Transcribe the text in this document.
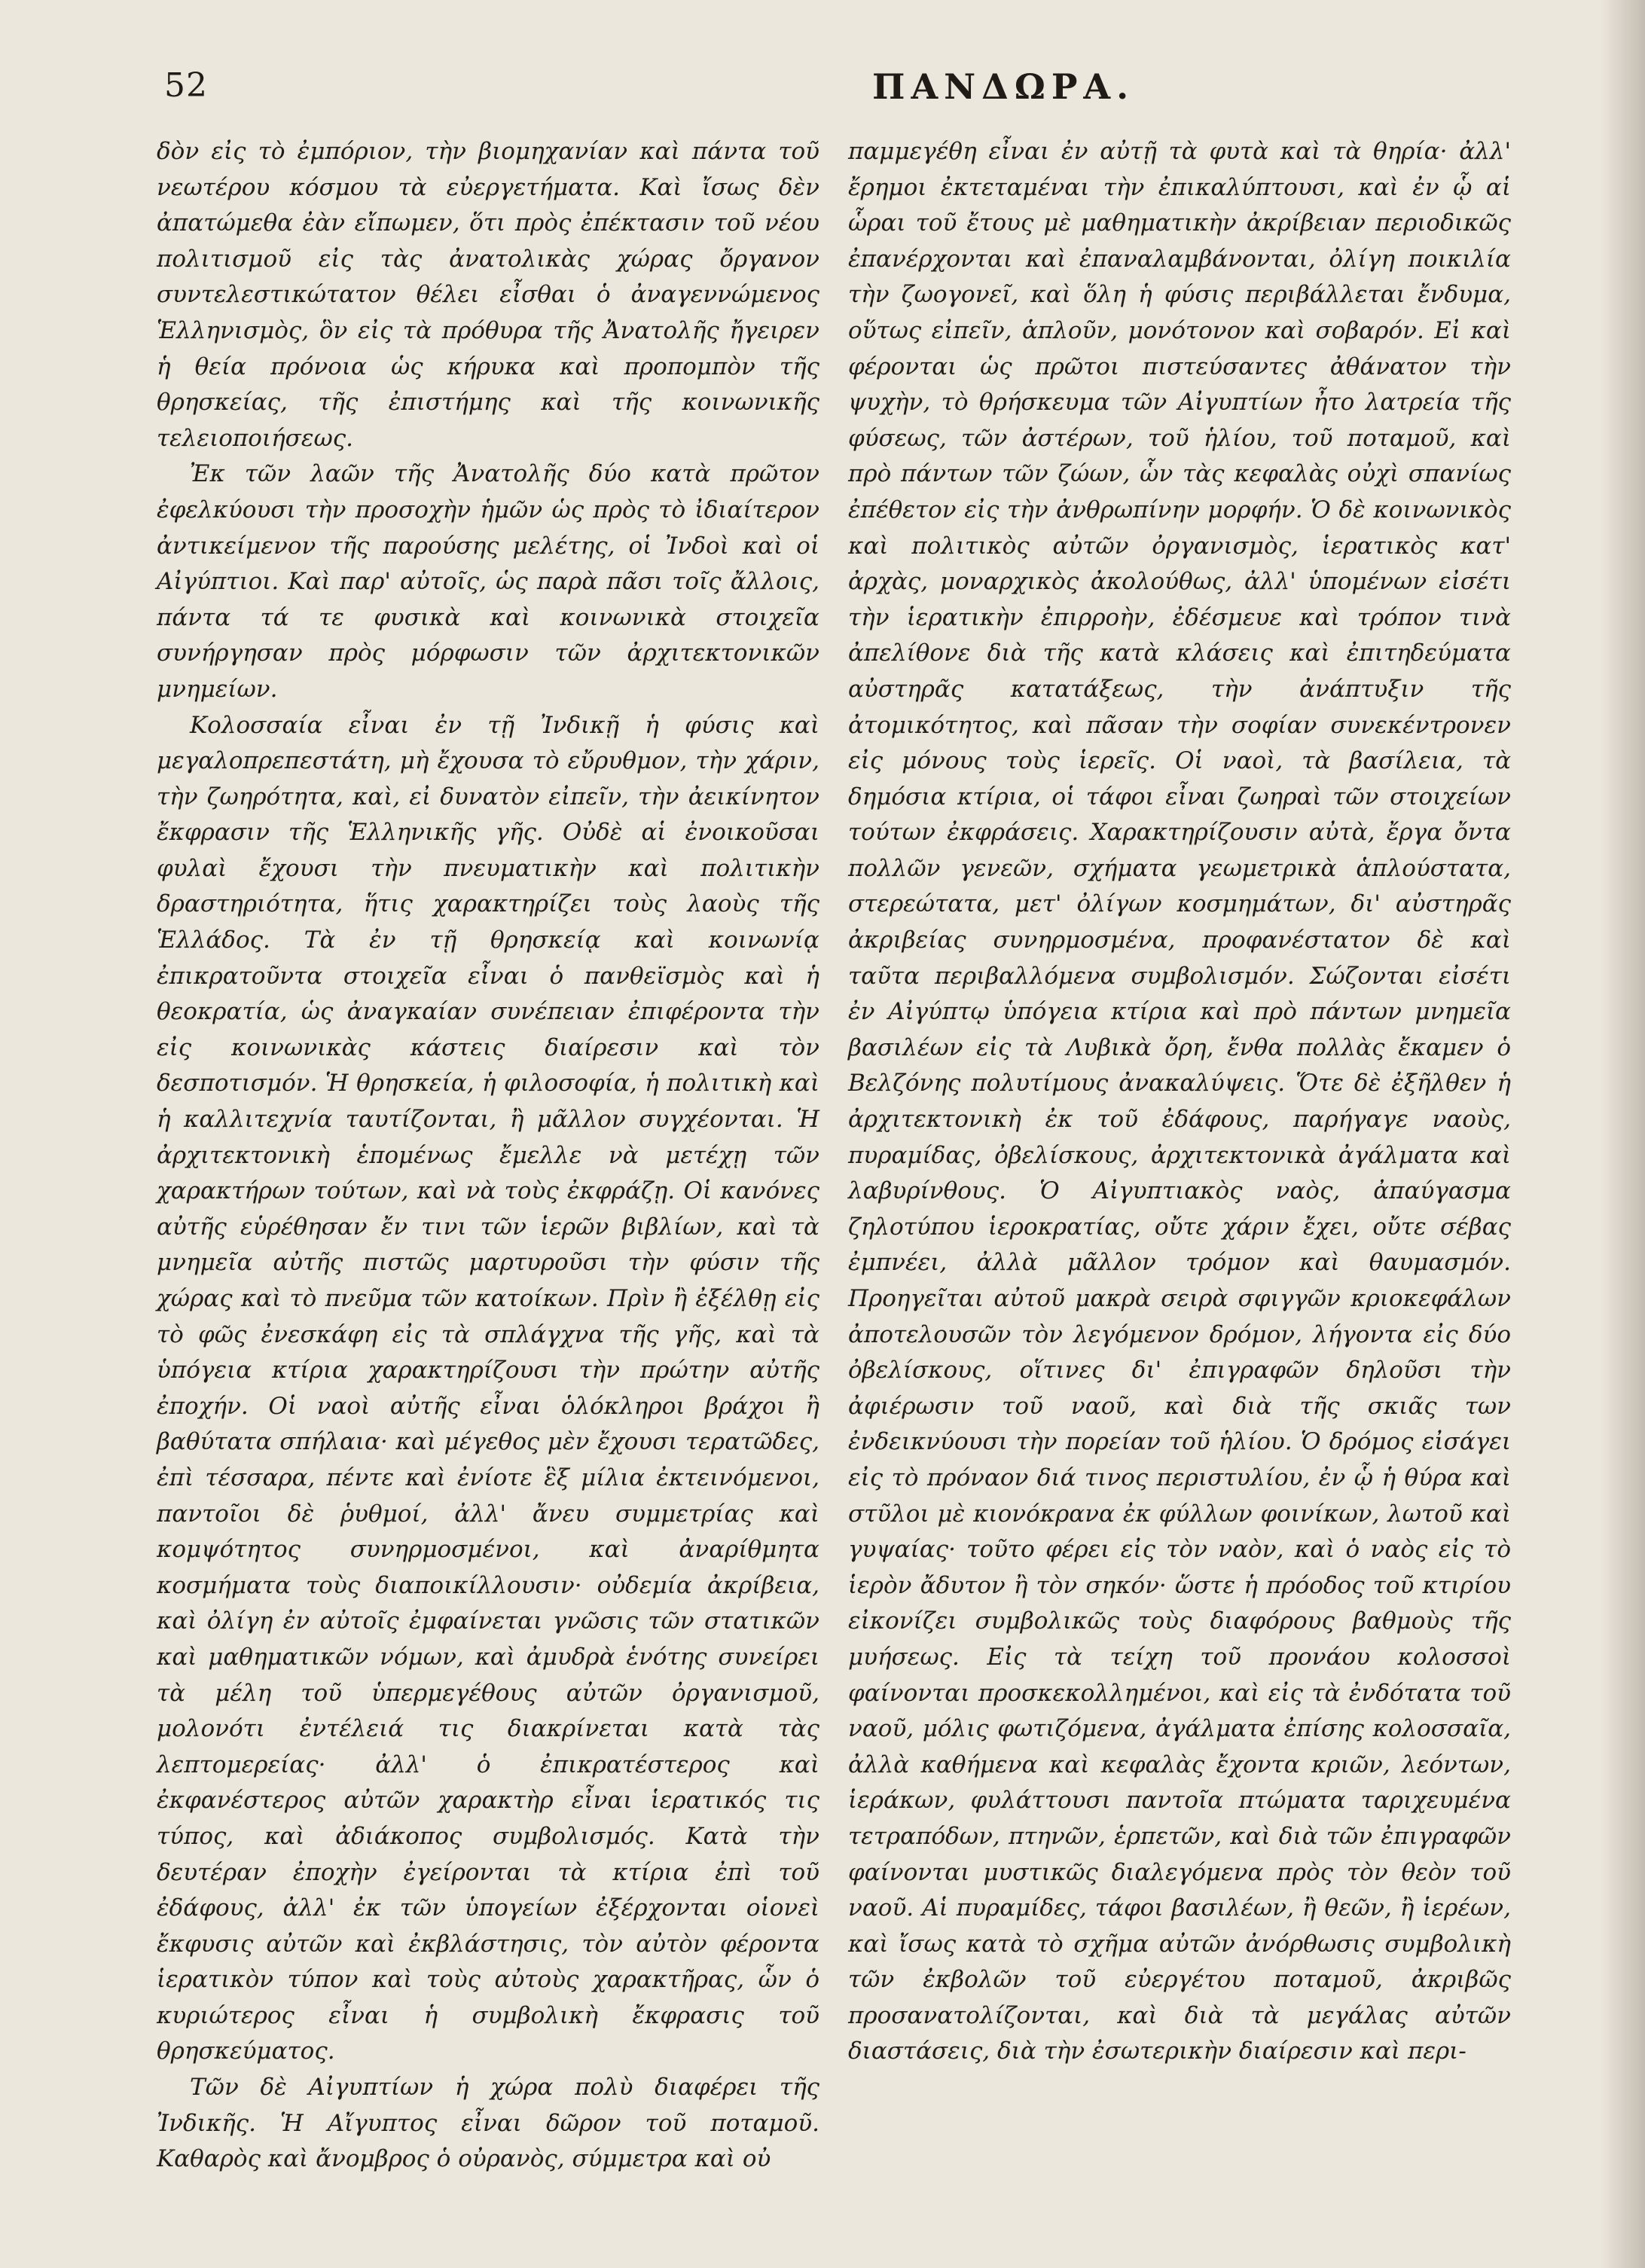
52	ΠΑΝΔΩΡΑ.

δὸν εἰς τὸ ἐμπόριον, τὴν βιομηχανίαν καὶ πάντα τοῦ νεωτέρου κόσμου τὰ εὐεργετήματα. Καὶ ἴσως δὲν ἀπατώμεθα ἐὰν εἴπωμεν, ὅτι πρὸς ἐπέκτασιν τοῦ νέου πολιτισμοῦ εἰς τὰς ἀνατολικὰς χώρας ὄργανον συντελεστικώτατον θέλει εἶσθαι ὁ ἀναγεννώμενος Ἑλληνισμὸς, ὃν εἰς τὰ πρόθυρα τῆς Ἀνατολῆς ἤγειρεν ἡ θεία πρόνοια ὡς κήρυκα καὶ προπομπὸν τῆς θρησκείας, τῆς ἐπιστήμης καὶ τῆς κοινωνικῆς τελειοποιήσεως.

Ἐκ τῶν λαῶν τῆς Ἀνατολῆς δύο κατὰ πρῶτον ἐφελκύουσι τὴν προσοχὴν ἡμῶν ὡς πρὸς τὸ ἰδιαίτερον ἀντικείμενον τῆς παρούσης μελέτης, οἱ Ἰνδοὶ καὶ οἱ Αἰγύπτιοι. Καὶ παρ' αὐτοῖς, ὡς παρὰ πᾶσι τοῖς ἄλλοις, πάντα τά τε φυσικὰ καὶ κοινωνικὰ στοιχεῖα συνήργησαν πρὸς μόρφωσιν τῶν ἀρχιτεκτονικῶν μνημείων.

Κολοσσαία εἶναι ἐν τῇ Ἰνδικῇ ἡ φύσις καὶ μεγαλοπρεπεστάτη, μὴ ἔχουσα τὸ εὔρυθμον, τὴν χάριν, τὴν ζωηρότητα, καὶ, εἰ δυνατὸν εἰπεῖν, τὴν ἀεικίνητον ἔκφρασιν τῆς Ἑλληνικῆς γῆς. Οὐδὲ αἱ ἐνοικοῦσαι φυλαὶ ἔχουσι τὴν πνευματικὴν καὶ πολιτικὴν δραστηριότητα, ἥτις χαρακτηρίζει τοὺς λαοὺς τῆς Ἑλλάδος. Τὰ ἐν τῇ θρησκείᾳ καὶ κοινωνίᾳ ἐπικρατοῦντα στοιχεῖα εἶναι ὁ πανθεϊσμὸς καὶ ἡ θεοκρατία, ὡς ἀναγκαίαν συνέπειαν ἐπιφέροντα τὴν εἰς κοινωνικὰς κάστεις διαίρεσιν καὶ τὸν δεσποτισμόν. Ἡ θρησκεία, ἡ φιλοσοφία, ἡ πολιτικὴ καὶ ἡ καλλιτεχνία ταυτίζονται, ἢ μᾶλλον συγχέονται. Ἡ ἀρχιτεκτονικὴ ἑπομένως ἔμελλε νὰ μετέχῃ τῶν χαρακτήρων τούτων, καὶ νὰ τοὺς ἐκφράζῃ. Οἱ κανόνες αὐτῆς εὑρέθησαν ἔν τινι τῶν ἱερῶν βιβλίων, καὶ τὰ μνημεῖα αὐτῆς πιστῶς μαρτυροῦσι τὴν φύσιν τῆς χώρας καὶ τὸ πνεῦμα τῶν κατοίκων. Πρὶν ἢ ἐξέλθῃ εἰς τὸ φῶς ἐνεσκάφη εἰς τὰ σπλάγχνα τῆς γῆς, καὶ τὰ ὑπόγεια κτίρια χαρακτηρίζουσι τὴν πρώτην αὐτῆς ἐποχήν. Οἱ ναοὶ αὐτῆς εἶναι ὁλόκληροι βράχοι ἢ βαθύτατα σπήλαια· καὶ μέγεθος μὲν ἔχουσι τερατῶδες, ἐπὶ τέσσαρα, πέντε καὶ ἐνίοτε ἓξ μίλια ἐκτεινόμενοι, παντοῖοι δὲ ῥυθμοί, ἀλλ' ἄνευ συμμετρίας καὶ κομψότητος συνηρμοσμένοι, καὶ ἀναρίθμητα κοσμήματα τοὺς διαποικίλλουσιν· οὐδεμία ἀκρίβεια, καὶ ὀλίγη ἐν αὐτοῖς ἐμφαίνεται γνῶσις τῶν στατικῶν καὶ μαθηματικῶν νόμων, καὶ ἀμυδρὰ ἑνότης συνείρει τὰ μέλη τοῦ ὑπερμεγέθους αὐτῶν ὀργανισμοῦ, μολονότι ἐντέλειά τις διακρίνεται κατὰ τὰς λεπτομερείας· ἀλλ' ὁ ἐπικρατέστερος καὶ ἐκφανέστερος αὐτῶν χαρακτὴρ εἶναι ἱερατικός τις τύπος, καὶ ἀδιάκοπος συμβολισμός. Κατὰ τὴν δευτέραν ἐποχὴν ἐγείρονται τὰ κτίρια ἐπὶ τοῦ ἐδάφους, ἀλλ' ἐκ τῶν ὑπογείων ἐξέρχονται οἱονεὶ ἔκφυσις αὐτῶν καὶ ἐκβλάστησις, τὸν αὐτὸν φέροντα ἱερατικὸν τύπον καὶ τοὺς αὐτοὺς χαρακτῆρας, ὧν ὁ κυριώτερος εἶναι ἡ συμβολικὴ ἔκφρασις τοῦ θρησκεύματος.

Τῶν δὲ Αἰγυπτίων ἡ χώρα πολὺ διαφέρει τῆς Ἰνδικῆς. Ἡ Αἴγυπτος εἶναι δῶρον τοῦ ποταμοῦ. Καθαρὸς καὶ ἄνομβρος ὁ οὐρανὸς, σύμμετρα καὶ οὐ

παμμεγέθη εἶναι ἐν αὐτῇ τὰ φυτὰ καὶ τὰ θηρία· ἀλλ' ἔρημοι ἐκτεταμέναι τὴν ἐπικαλύπτουσι, καὶ ἐν ᾧ αἱ ὧραι τοῦ ἔτους μὲ μαθηματικὴν ἀκρίβειαν περιοδικῶς ἐπανέρχονται καὶ ἐπαναλαμβάνονται, ὀλίγη ποικιλία τὴν ζωογονεῖ, καὶ ὅλη ἡ φύσις περιβάλλεται ἔνδυμα, οὕτως εἰπεῖν, ἁπλοῦν, μονότονον καὶ σοβαρόν. Εἰ καὶ φέρονται ὡς πρῶτοι πιστεύσαντες ἀθάνατον τὴν ψυχὴν, τὸ θρήσκευμα τῶν Αἰγυπτίων ἦτο λατρεία τῆς φύσεως, τῶν ἀστέρων, τοῦ ἡλίου, τοῦ ποταμοῦ, καὶ πρὸ πάντων τῶν ζώων, ὧν τὰς κεφαλὰς οὐχὶ σπανίως ἐπέθετον εἰς τὴν ἀνθρωπίνην μορφήν. Ὁ δὲ κοινωνικὸς καὶ πολιτικὸς αὐτῶν ὀργανισμὸς, ἱερατικὸς κατ' ἀρχὰς, μοναρχικὸς ἀκολούθως, ἀλλ' ὑπομένων εἰσέτι τὴν ἱερατικὴν ἐπιρροὴν, ἐδέσμευε καὶ τρόπον τινὰ ἀπελίθονε διὰ τῆς κατὰ κλάσεις καὶ ἐπιτηδεύματα αὐστηρᾶς κατατάξεως, τὴν ἀνάπτυξιν τῆς ἀτομικότητος, καὶ πᾶσαν τὴν σοφίαν συνεκέντρονεν εἰς μόνους τοὺς ἱερεῖς. Οἱ ναοὶ, τὰ βασίλεια, τὰ δημόσια κτίρια, οἱ τάφοι εἶναι ζωηραὶ τῶν στοιχείων τούτων ἐκφράσεις. Χαρακτηρίζουσιν αὐτὰ, ἔργα ὄντα πολλῶν γενεῶν, σχήματα γεωμετρικὰ ἁπλούστατα, στερεώτατα, μετ' ὀλίγων κοσμημάτων, δι' αὐστηρᾶς ἀκριβείας συνηρμοσμένα, προφανέστατον δὲ καὶ ταῦτα περιβαλλόμενα συμβολισμόν. Σώζονται εἰσέτι ἐν Αἰγύπτῳ ὑπόγεια κτίρια καὶ πρὸ πάντων μνημεῖα βασιλέων εἰς τὰ Λυβικὰ ὄρη, ἔνθα πολλὰς ἔκαμεν ὁ Βελζόνης πολυτίμους ἀνακαλύψεις. Ὅτε δὲ ἐξῆλθεν ἡ ἀρχιτεκτονικὴ ἐκ τοῦ ἐδάφους, παρήγαγε ναοὺς, πυραμίδας, ὀβελίσκους, ἀρχιτεκτονικὰ ἀγάλματα καὶ λαβυρίνθους. Ὁ Αἰγυπτιακὸς ναὸς, ἀπαύγασμα ζηλοτύπου ἱεροκρατίας, οὔτε χάριν ἔχει, οὔτε σέβας ἐμπνέει, ἀλλὰ μᾶλλον τρόμον καὶ θαυμασμόν. Προηγεῖται αὐτοῦ μακρὰ σειρὰ σφιγγῶν κριοκεφάλων ἀποτελουσῶν τὸν λεγόμενον δρόμον, λήγοντα εἰς δύο ὀβελίσκους, οἵτινες δι' ἐπιγραφῶν δηλοῦσι τὴν ἀφιέρωσιν τοῦ ναοῦ, καὶ διὰ τῆς σκιᾶς των ἐνδεικνύουσι τὴν πορείαν τοῦ ἡλίου. Ὁ δρόμος εἰσάγει εἰς τὸ πρόναον διά τινος περιστυλίου, ἐν ᾧ ἡ θύρα καὶ στῦλοι μὲ κιονόκρανα ἐκ φύλλων φοινίκων, λωτοῦ καὶ γυψαίας· τοῦτο φέρει εἰς τὸν ναὸν, καὶ ὁ ναὸς εἰς τὸ ἱερὸν ἄδυτον ἢ τὸν σηκόν· ὥστε ἡ πρόοδος τοῦ κτιρίου εἰκονίζει συμβολικῶς τοὺς διαφόρους βαθμοὺς τῆς μυήσεως. Εἰς τὰ τείχη τοῦ προνάου κολοσσοὶ φαίνονται προσκεκολλημένοι, καὶ εἰς τὰ ἐνδότατα τοῦ ναοῦ, μόλις φωτιζόμενα, ἀγάλματα ἐπίσης κολοσσαῖα, ἀλλὰ καθήμενα καὶ κεφαλὰς ἔχοντα κριῶν, λεόντων, ἱεράκων, φυλάττουσι παντοῖα πτώματα ταριχευμένα τετραπόδων, πτηνῶν, ἑρπετῶν, καὶ διὰ τῶν ἐπιγραφῶν φαίνονται μυστικῶς διαλεγόμενα πρὸς τὸν θεὸν τοῦ ναοῦ. Αἱ πυραμίδες, τάφοι βασιλέων, ἢ θεῶν, ἢ ἱερέων, καὶ ἴσως κατὰ τὸ σχῆμα αὐτῶν ἀνόρθωσις συμβολικὴ τῶν ἐκβολῶν τοῦ εὐεργέτου ποταμοῦ, ἀκριβῶς προσανατολίζονται, καὶ διὰ τὰ μεγάλας αὐτῶν διαστάσεις, διὰ τὴν ἐσωτερικὴν διαίρεσιν καὶ περι-
